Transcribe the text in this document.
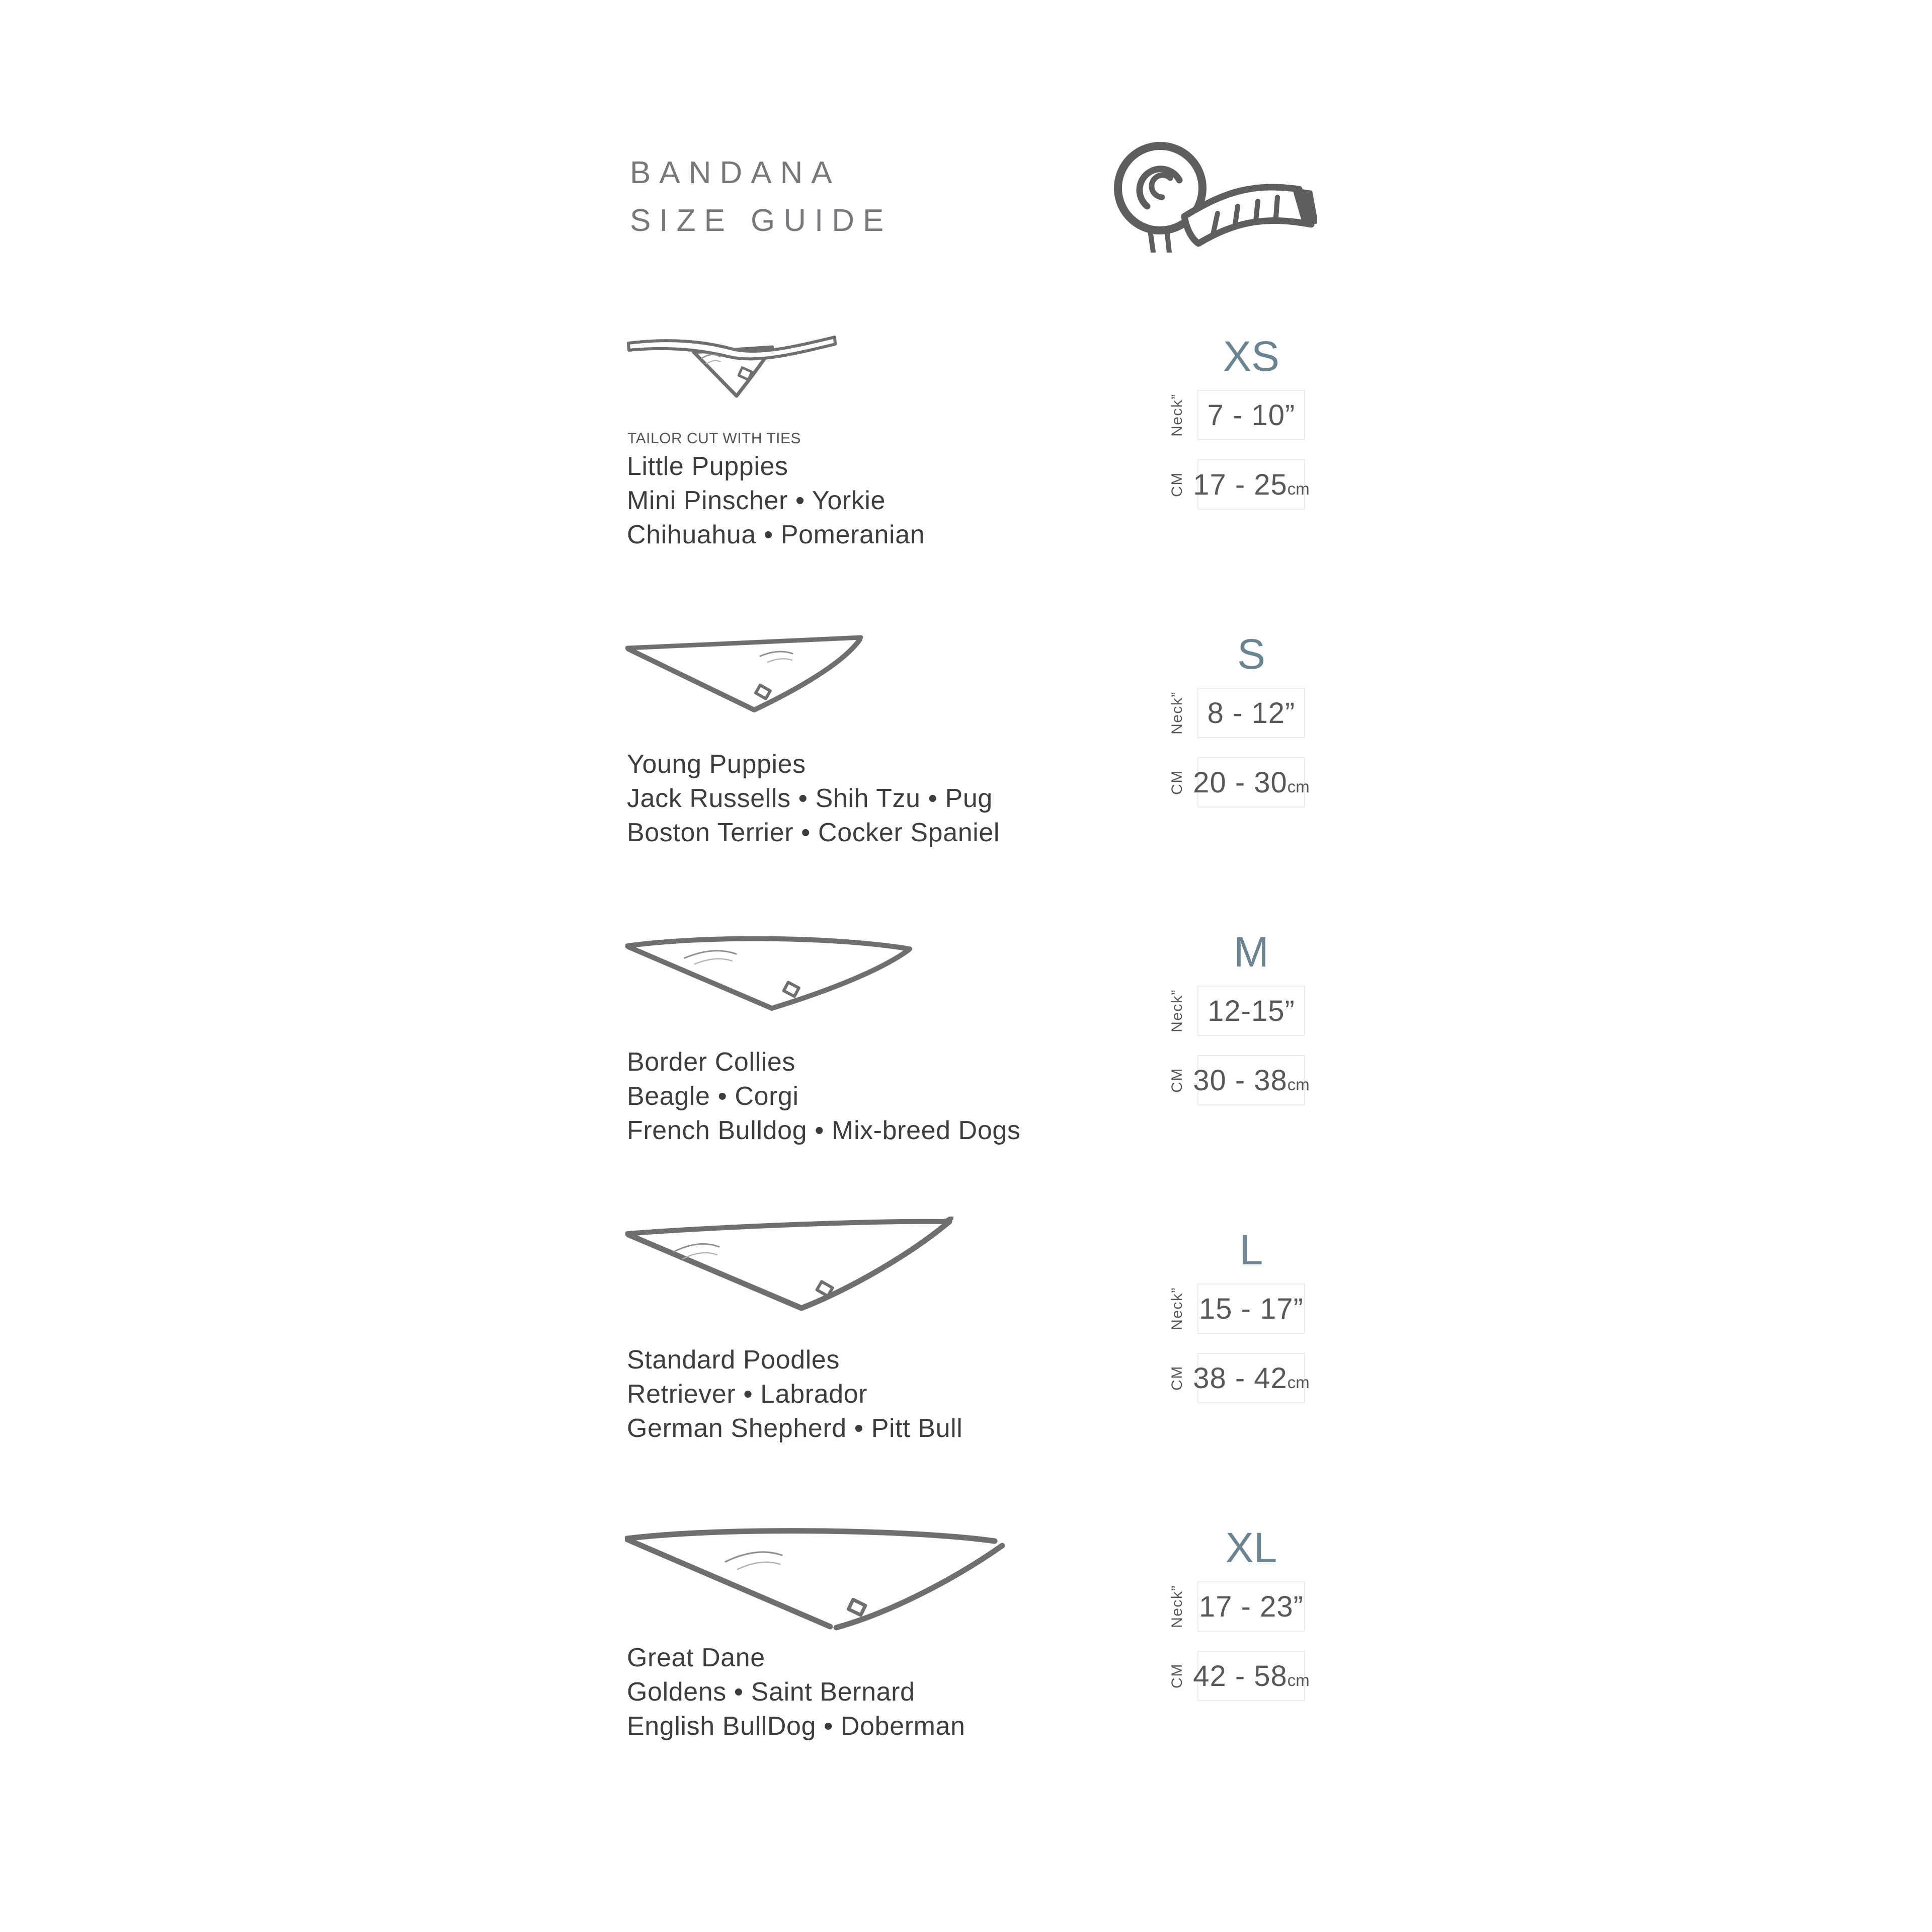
BANDANA
SIZE GUIDE
TAILOR CUT WITH TIES
Little Puppies
Mini Pinscher • Yorkie
Chihuahua • Pomeranian
XS
Neck” 7 - 10”
CM 17 - 25 cm
Young Puppies
Jack Russells • Shih Tzu • Pug
Boston Terrier • Cocker Spaniel
S
Neck” 8 - 12”
CM 20 - 30 cm
Border Collies
Beagle • Corgi
French Bulldog • Mix-breed Dogs
M
Neck” 12-15”
CM 30 - 38 cm
Standard Poodles
Retriever • Labrador
German Shepherd • Pitt Bull
L
Neck” 15 - 17”
CM 38 - 42 cm
Great Dane
Goldens • Saint Bernard
English BullDog • Doberman
XL
Neck” 17 - 23”
CM 42 - 58 cm
